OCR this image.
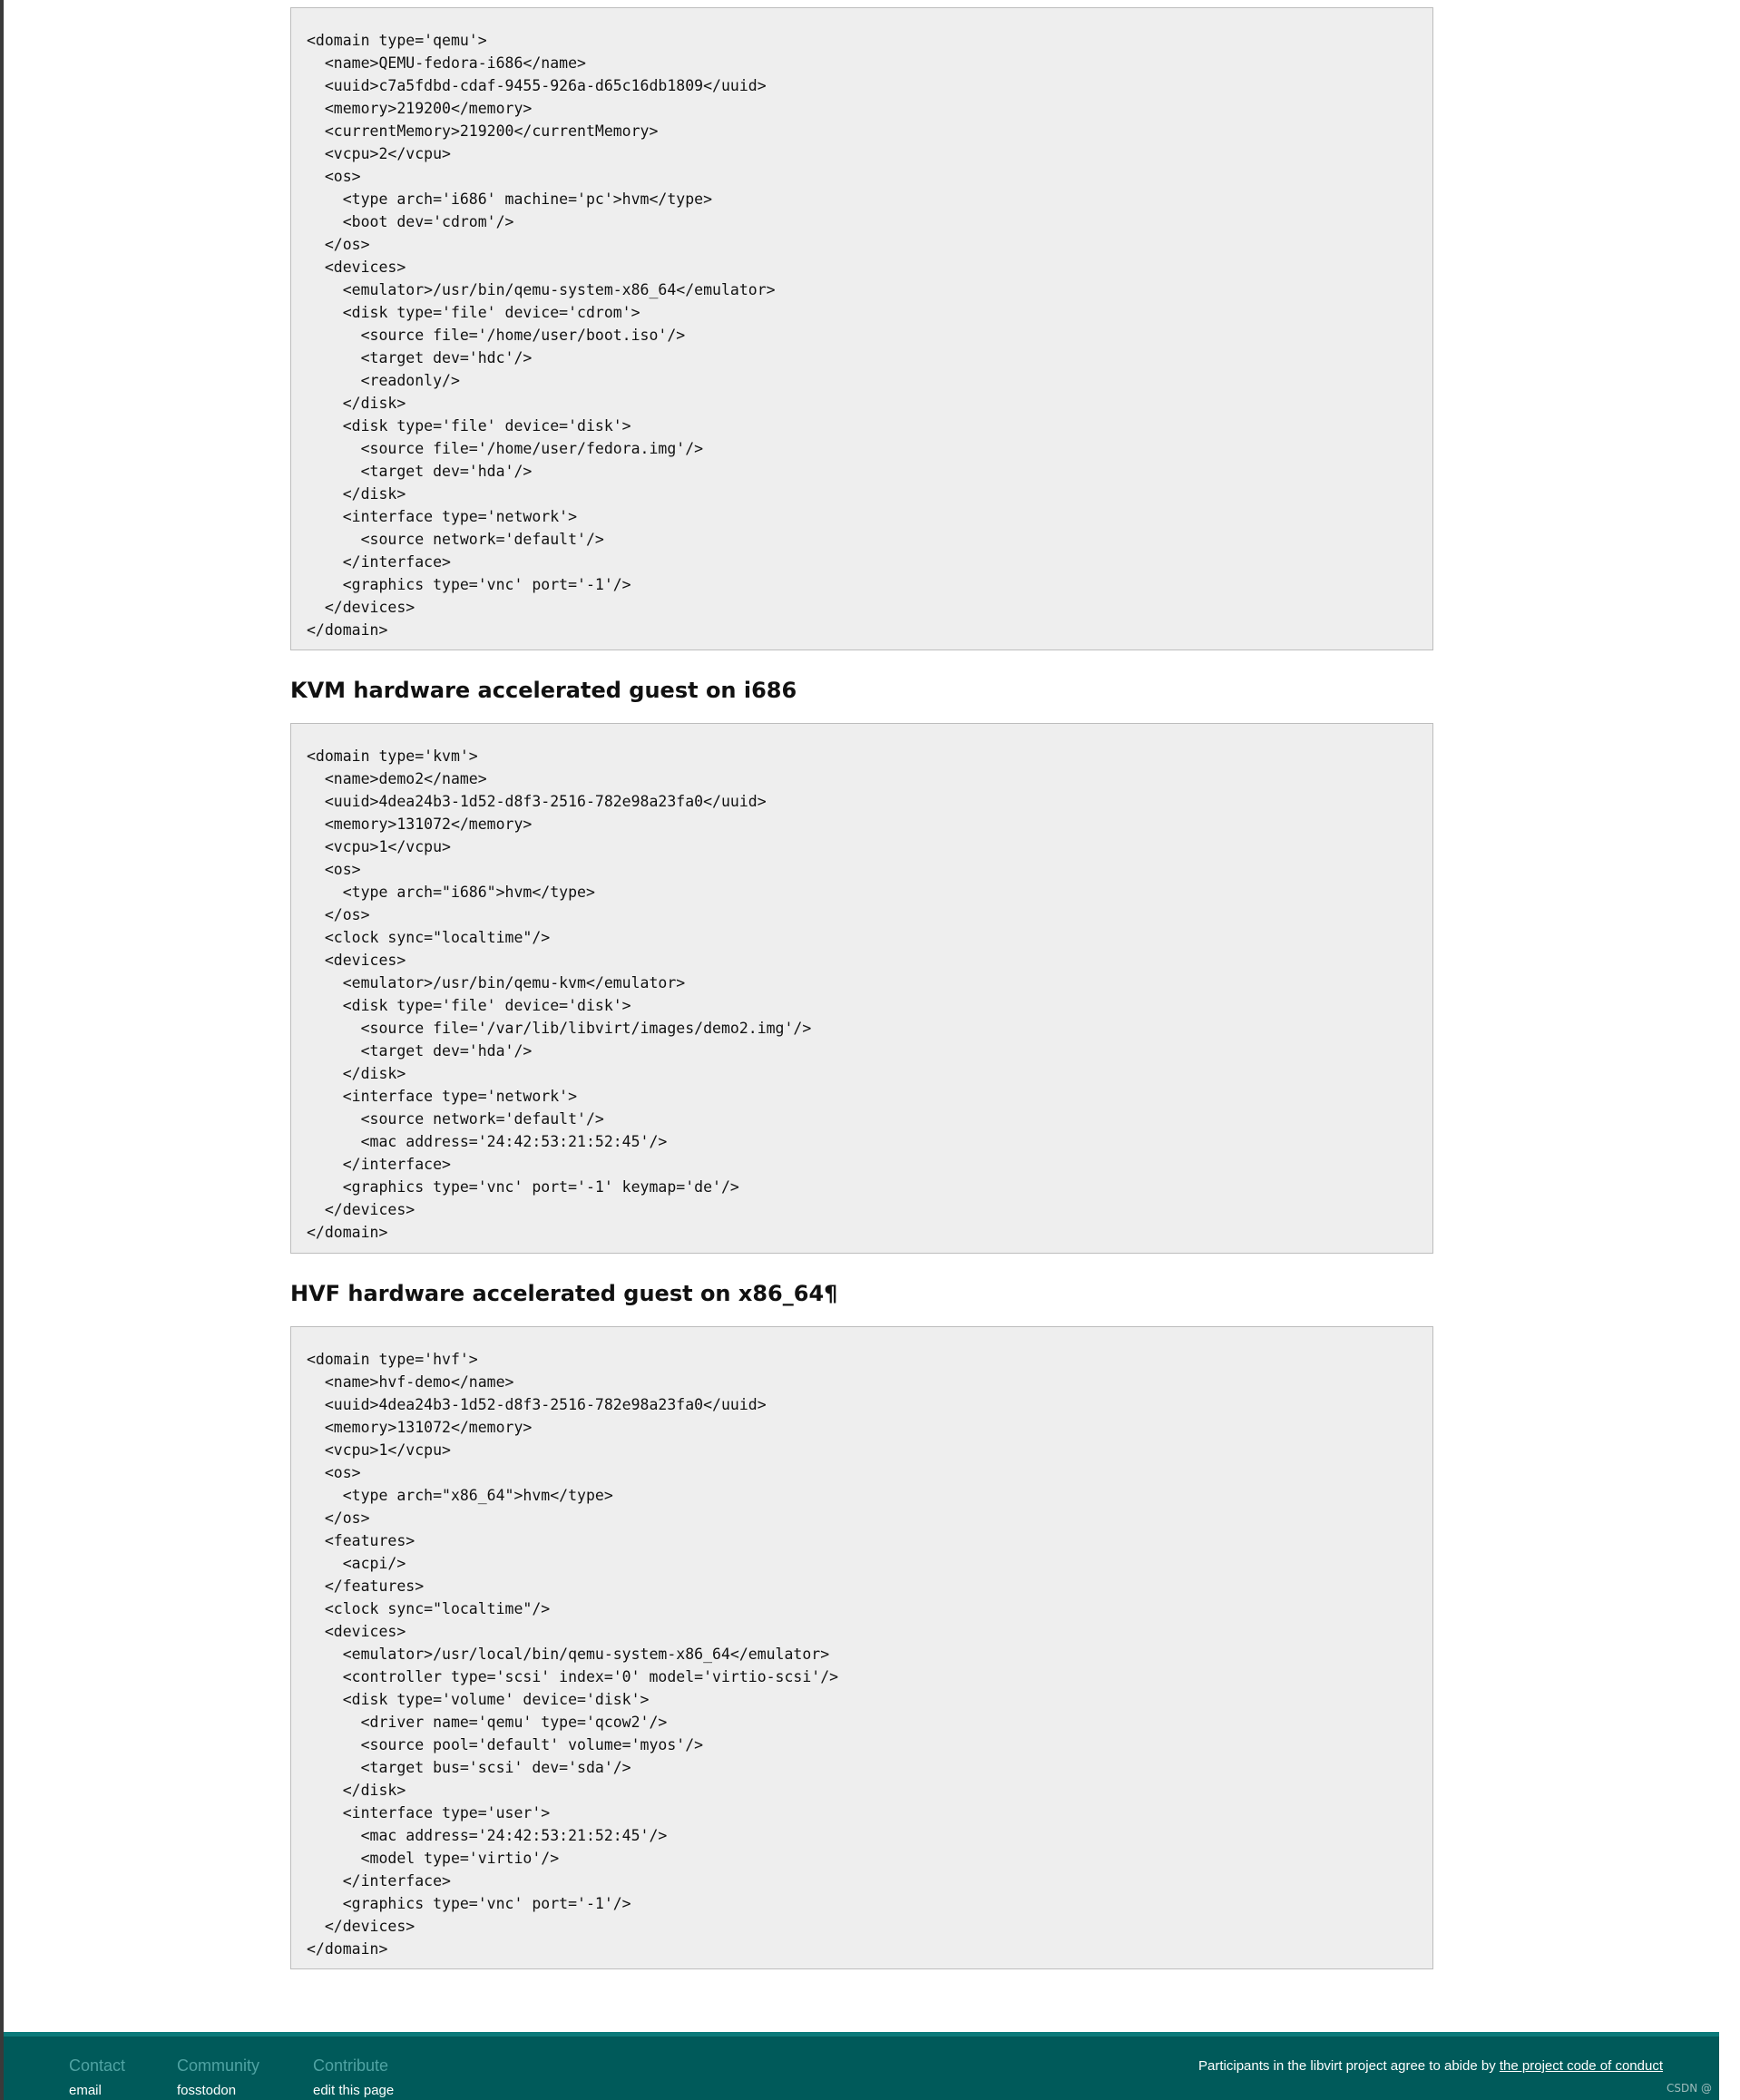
<domain type='qemu'>
<name>QEMU-fedora-i686</name>
<uuid>c7a5fdbd-cdaf-9455-926a-d65c16db1809</uuid>
<memory>219200</memory>
<currentMemory>219200</currentMemory>
<vcpu>2</vcpu>
<os>
<type arch='i686' machine='pc'>hvm</type>
<boot dev='cdrom'/>
</os>
<devices>
<emulator>/usr/bin/qemu-system-x86_64</emulator>
<disk type='file' device='cdrom'>
<source file='/home/user/boot.iso'/>
<target dev='hdc'/>
<readonly/>
</disk>
<disk type='file' device='disk'>
<source file='/home/user/fedora.img'/>
<target dev='hda'/>
</disk>
<interface type='network'>
<source network='default'/>
</interface>
<graphics type='vnc' port='-1'/>
</devices>
</domain>
KVM hardware accelerated guest on i686
<domain type='kvm'>
<name>demo2</name>
<uuid>4dea24b3-1d52-d8f3-2516-782e98a23fa0</uuid>
<memory>131072</memory>
<vcpu>1</vcpu>
<os>
<type arch="i686">hvm</type>
</os>
<clock sync="localtime"/>
<devices>
<emulator>/usr/bin/qemu-kvm</emulator>
<disk type='file' device='disk'>
<source file='/var/lib/libvirt/images/demo2.img'/>
<target dev='hda'/>
</disk>
<interface type='network'>
<source network='default'/>
<mac address='24:42:53:21:52:45'/>
</interface>
<graphics type='vnc' port='-1' keymap='de'/>
</devices>
</domain>
HVF hardware accelerated guest on x86_64¶
<domain type='hvf'>
<name>hvf-demo</name>
<uuid>4dea24b3-1d52-d8f3-2516-782e98a23fa0</uuid>
<memory>131072</memory>
<vcpu>1</vcpu>
<os>
<type arch="x86_64">hvm</type>
</os>
<features>
<acpi/>
</features>
<clock sync="localtime"/>
<devices>
<emulator>/usr/local/bin/qemu-system-x86_64</emulator>
<controller type='scsi' index='0' model='virtio-scsi'/>
<disk type='volume' device='disk'>
<driver name='qemu' type='qcow2'/>
<source pool='default' volume='myos'/>
<target bus='scsi' dev='sda'/>
</disk>
<interface type='user'>
<mac address='24:42:53:21:52:45'/>
<model type='virtio'/>
</interface>
<graphics type='vnc' port='-1'/>
</devices>
</domain>
Contact
email
Community
fosstodon
Contribute
edit this page
Participants in the libvirt project agree to abide by the project code of conduct
CSDN @
